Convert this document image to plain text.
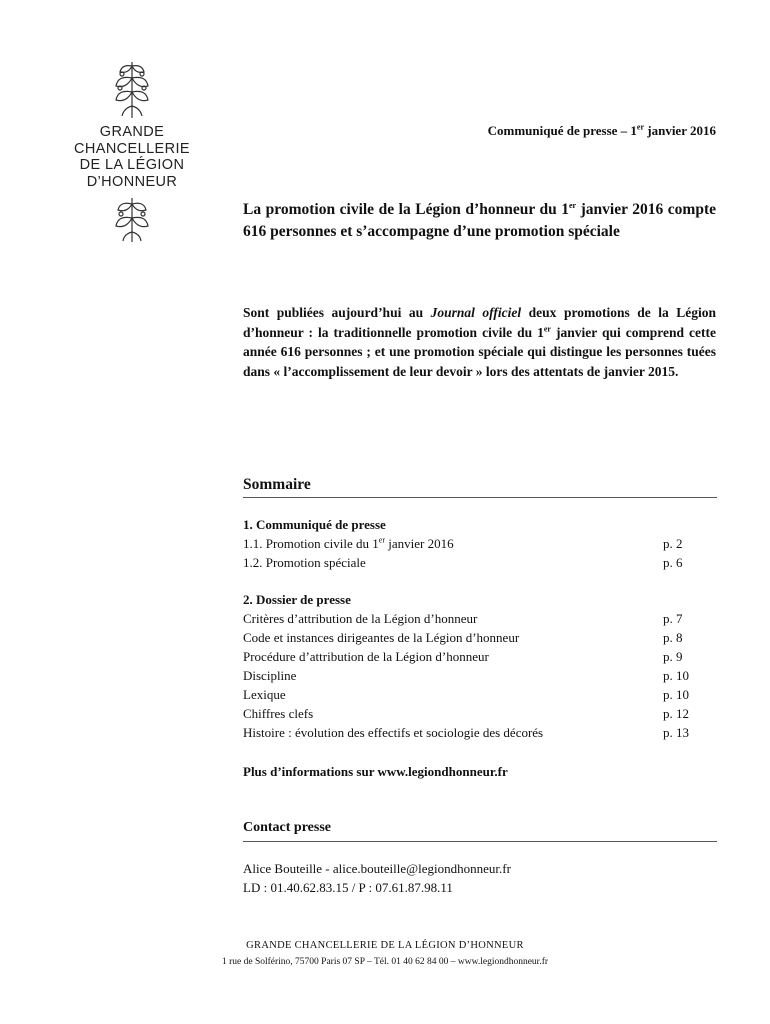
GRANDE
CHANCELLERIE
DE LA LÉGION
D’HONNEUR
Communiqué de presse – 1er janvier 2016
La promotion civile de la Légion d’honneur du 1er janvier 2016 compte 616 personnes et s’accompagne d’une promotion spéciale
Sont publiées aujourd’hui au Journal officiel deux promotions de la Légion d’honneur : la traditionnelle promotion civile du 1er janvier qui comprend cette année 616 personnes ; et une promotion spéciale qui distingue les personnes tuées dans « l’accomplissement de leur devoir » lors des attentats de janvier 2015.
Sommaire
1. Communiqué de presse
1.1. Promotion civile du 1er janvier 2016	p. 2
1.2. Promotion spéciale	p. 6
2. Dossier de presse
Critères d’attribution de la Légion d’honneur	p. 7
Code et instances dirigeantes de la Légion d’honneur	p. 8
Procédure d’attribution de la Légion d’honneur	p. 9
Discipline	p. 10
Lexique	p. 10
Chiffres clefs	p. 12
Histoire : évolution des effectifs et sociologie des décorés	p. 13
Plus d’informations sur www.legiondhonneur.fr
Contact presse
Alice Bouteille - alice.bouteille@legiondhonneur.fr
LD : 01.40.62.83.15 / P : 07.61.87.98.11
GRANDE CHANCELLERIE DE LA LÉGION D’HONNEUR
1 rue de Solférino, 75700 Paris 07 SP – Tél. 01 40 62 84 00 – www.legiondhonneur.fr
